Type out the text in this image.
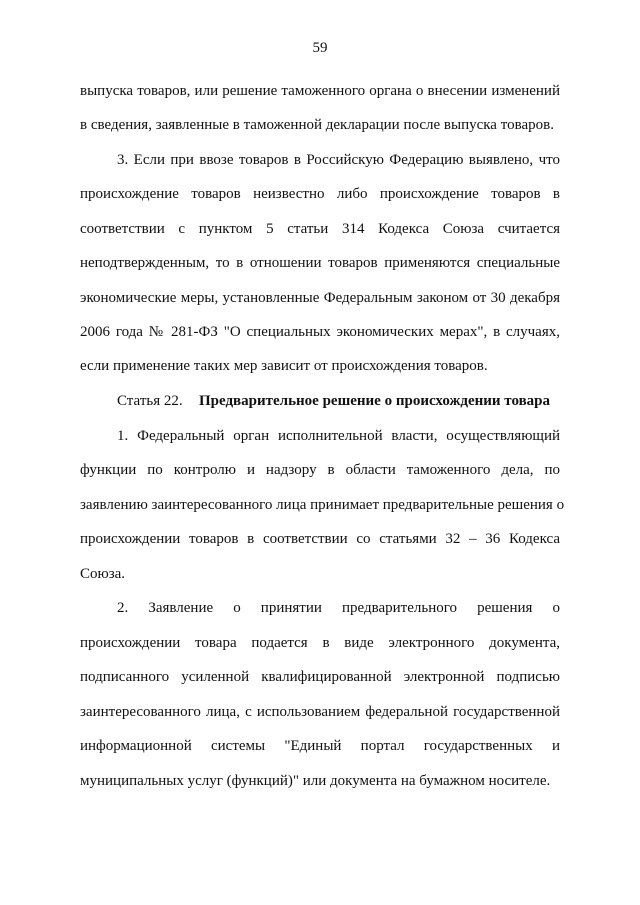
59
выпуска товаров, или решение таможенного органа о внесении изменений
в сведения, заявленные в таможенной декларации после выпуска товаров.
3. Если при ввозе товаров в Российскую Федерацию выявлено, что
происхождение товаров неизвестно либо происхождение товаров в
соответствии с пунктом 5 статьи 314 Кодекса Союза считается
неподтвержденным, то в отношении товаров применяются специальные
экономические меры, установленные Федеральным законом от 30 декабря
2006 года № 281-ФЗ "О специальных экономических мерах", в случаях,
если применение таких мер зависит от происхождения товаров.
Статья 22. Предварительное решение о происхождении товара
1. Федеральный орган исполнительной власти, осуществляющий
функции по контролю и надзору в области таможенного дела, по
заявлению заинтересованного лица принимает предварительные решения о
происхождении товаров в соответствии со статьями 32 – 36 Кодекса
Союза.
2. Заявление о принятии предварительного решения о
происхождении товара подается в виде электронного документа,
подписанного усиленной квалифицированной электронной подписью
заинтересованного лица, с использованием федеральной государственной
информационной системы "Единый портал государственных и
муниципальных услуг (функций)" или документа на бумажном носителе.
